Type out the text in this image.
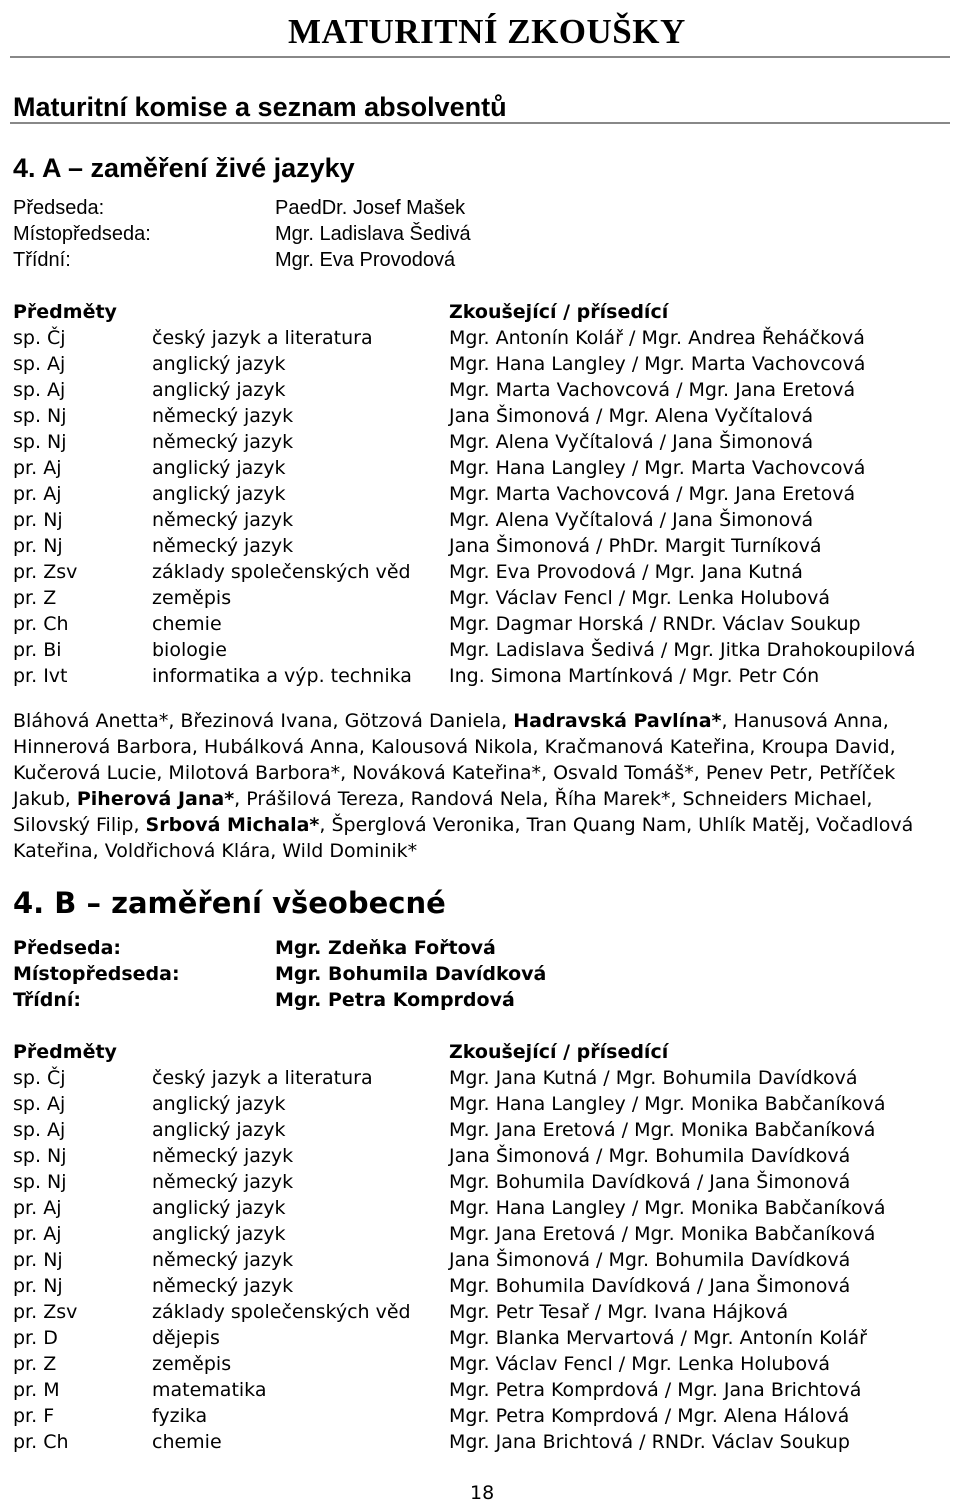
MATURITNÍ ZKOUŠKY
Maturitní komise a seznam absolventů
4. A – zaměření živé jazyky
Předseda:	PaedDr. Josef Mašek
Místopředseda:	Mgr. Ladislava Šedivá
Třídní:	Mgr. Eva Provodová
Předměty	Zkoušející / přísedící
sp. Čj	český jazyk a literatura	Mgr. Antonín Kolář / Mgr. Andrea Řeháčková
sp. Aj	anglický jazyk	Mgr. Hana Langley / Mgr. Marta Vachovcová
sp. Aj	anglický jazyk	Mgr. Marta Vachovcová / Mgr. Jana Eretová
sp. Nj	německý jazyk	Jana Šimonová / Mgr. Alena Vyčítalová
sp. Nj	německý jazyk	Mgr. Alena Vyčítalová / Jana Šimonová
pr. Aj	anglický jazyk	Mgr. Hana Langley / Mgr. Marta Vachovcová
pr. Aj	anglický jazyk	Mgr. Marta Vachovcová / Mgr. Jana Eretová
pr. Nj	německý jazyk	Mgr. Alena Vyčítalová / Jana Šimonová
pr. Nj	německý jazyk	Jana Šimonová / PhDr. Margit Turníková
pr. Zsv	základy společenských věd Mgr. Eva Provodová / Mgr. Jana Kutná
pr. Z	zeměpis	Mgr. Václav Fencl / Mgr. Lenka Holubová
pr. Ch	chemie	Mgr. Dagmar Horská / RNDr. Václav Soukup
pr. Bi	biologie	Mgr. Ladislava Šedivá / Mgr. Jitka Drahokoupilová
pr. Ivt	informatika a výp. technika Ing. Simona Martínková / Mgr. Petr Cón
Bláhová Anetta*, Březinová Ivana, Götzová Daniela, Hadravská Pavlína*, Hanusová Anna, Hinnerová Barbora, Hubálková Anna, Kalousová Nikola, Kračmanová Kateřina, Kroupa David, Kučerová Lucie, Milotová Barbora*, Nováková Kateřina*, Osvald Tomáš*, Penev Petr, Petříček Jakub, Piherová Jana*, Prášilová Tereza, Randová Nela, Říha Marek*, Schneiders Michael, Silovský Filip, Srbová Michala*, Šperglová Veronika, Tran Quang Nam, Uhlík Matěj, Vočadlová Kateřina, Voldřichová Klára, Wild Dominik*
4. B – zaměření všeobecné
Předseda:	Mgr. Zdeňka Fořtová
Místopředseda:	Mgr. Bohumila Davídková
Třídní:	Mgr. Petra Komprdová
Předměty	Zkoušející / přísedící
sp. Čj	český jazyk a literatura	Mgr. Jana Kutná / Mgr. Bohumila Davídková
sp. Aj	anglický jazyk	Mgr. Hana Langley / Mgr. Monika Babčaníková
sp. Aj	anglický jazyk	Mgr. Jana Eretová / Mgr. Monika Babčaníková
sp. Nj	německý jazyk	Jana Šimonová / Mgr. Bohumila Davídková
sp. Nj	německý jazyk	Mgr. Bohumila Davídková / Jana Šimonová
pr. Aj	anglický jazyk	Mgr. Hana Langley / Mgr. Monika Babčaníková
pr. Aj	anglický jazyk	Mgr. Jana Eretová / Mgr. Monika Babčaníková
pr. Nj	německý jazyk	Jana Šimonová / Mgr. Bohumila Davídková
pr. Nj	německý jazyk	Mgr. Bohumila Davídková / Jana Šimonová
pr. Zsv	základy společenských věd Mgr. Petr Tesař / Mgr. Ivana Hájková
pr. D	dějepis	Mgr. Blanka Mervartová / Mgr. Antonín Kolář
pr. Z	zeměpis	Mgr. Václav Fencl / Mgr. Lenka Holubová
pr. M	matematika	Mgr. Petra Komprdová / Mgr. Jana Brichtová
pr. F	fyzika	Mgr. Petra Komprdová / Mgr. Alena Hálová
pr. Ch	chemie	Mgr. Jana Brichtová / RNDr. Václav Soukup
18
